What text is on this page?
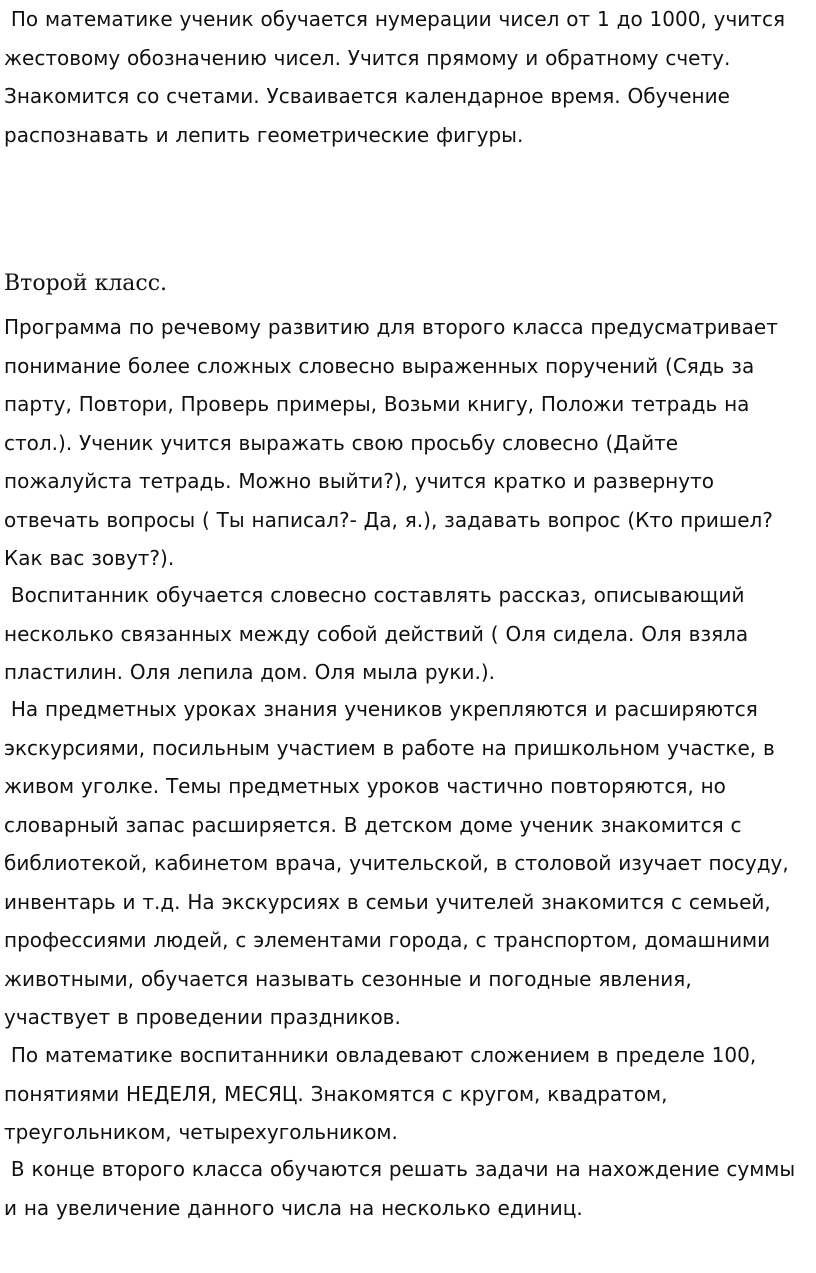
По математике ученик обучается нумерации чисел от 1 до 1000, учится
жестовому обозначению чисел. Учится прямому и обратному счету.
Знакомится со счетами. Усваивается календарное время. Обучение
распознавать и лепить геометрические фигуры.

Второй класс.

Программа по речевому развитию для второго класса предусматривает
понимание более сложных словесно выраженных поручений (Сядь за
парту, Повтори, Проверь примеры, Возьми книгу, Положи тетрадь на
стол.). Ученик учится выражать свою просьбу словесно (Дайте
пожалуйста тетрадь. Можно выйти?), учится кратко и развернуто
отвечать вопросы ( Ты написал?- Да, я.), задавать вопрос (Кто пришел?
Как вас зовут?).

Воспитанник обучается словесно составлять рассказ, описывающий
несколько связанных между собой действий ( Оля сидела. Оля взяла
пластилин. Оля лепила дом. Оля мыла руки.).

На предметных уроках знания учеников укрепляются и расширяются
экскурсиями, посильным участием в работе на пришкольном участке, в
живом уголке. Темы предметных уроков частично повторяются, но
словарный запас расширяется. В детском доме ученик знакомится с
библиотекой, кабинетом врача, учительской, в столовой изучает посуду,
инвентарь и т.д. На экскурсиях в семьи учителей знакомится с семьей,
профессиями людей, с элементами города, с транспортом, домашними
животными, обучается называть сезонные и погодные явления,
участвует в проведении праздников.

По математике воспитанники овладевают сложением в пределе 100,
понятиями НЕДЕЛЯ, МЕСЯЦ. Знакомятся с кругом, квадратом,
треугольником, четырехугольником.

В конце второго класса обучаются решать задачи на нахождение суммы
и на увеличение данного числа на несколько единиц.
